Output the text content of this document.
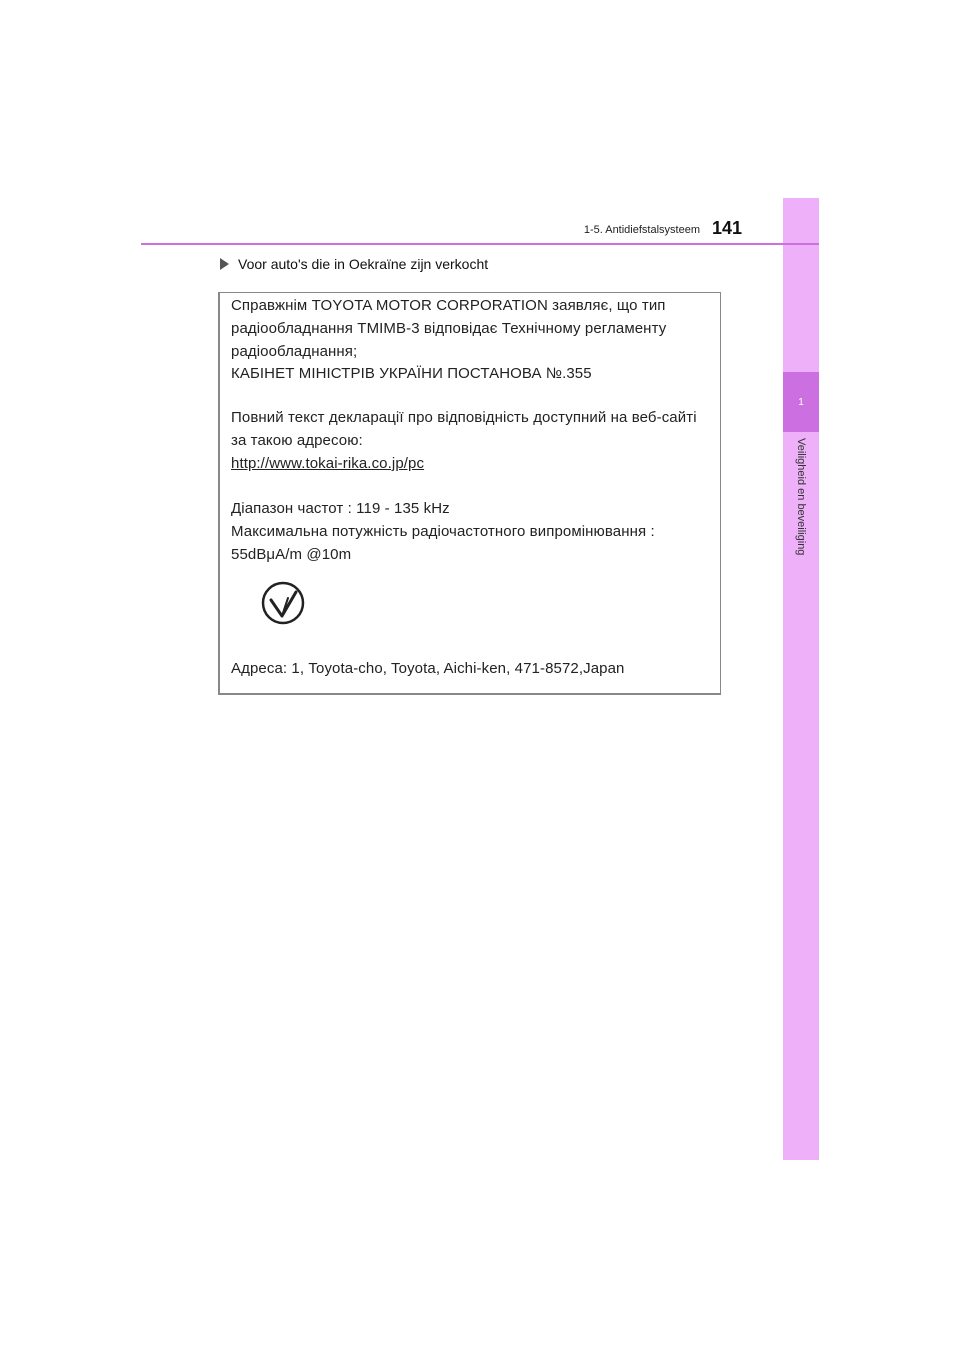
1
Veiligheid en beveiliging
1-5. Antidiefstalsysteem 141
Voor auto's die in Oekraïne zijn verkocht
Справжнім TOYOTA MOTOR CORPORATION заявляє, що тип
радіообладнання TMIMB-3 відповідає Технічному регламенту
радіообладнання;
КАБІНЕТ МІНІСТРІВ УКРАЇНИ ПОСТАНОВА №.355
Повний текст декларації про відповідність доступний на веб-сайті
за такою адресою:
http://www.tokai-rika.co.jp/pc
Діапазон частот : 119 - 135 kHz
Максимальна потужність радіочастотного випромінювання :
55dBμA/m @10m
Адреса: 1, Toyota-cho, Toyota, Aichi-ken, 471-8572,Japan
